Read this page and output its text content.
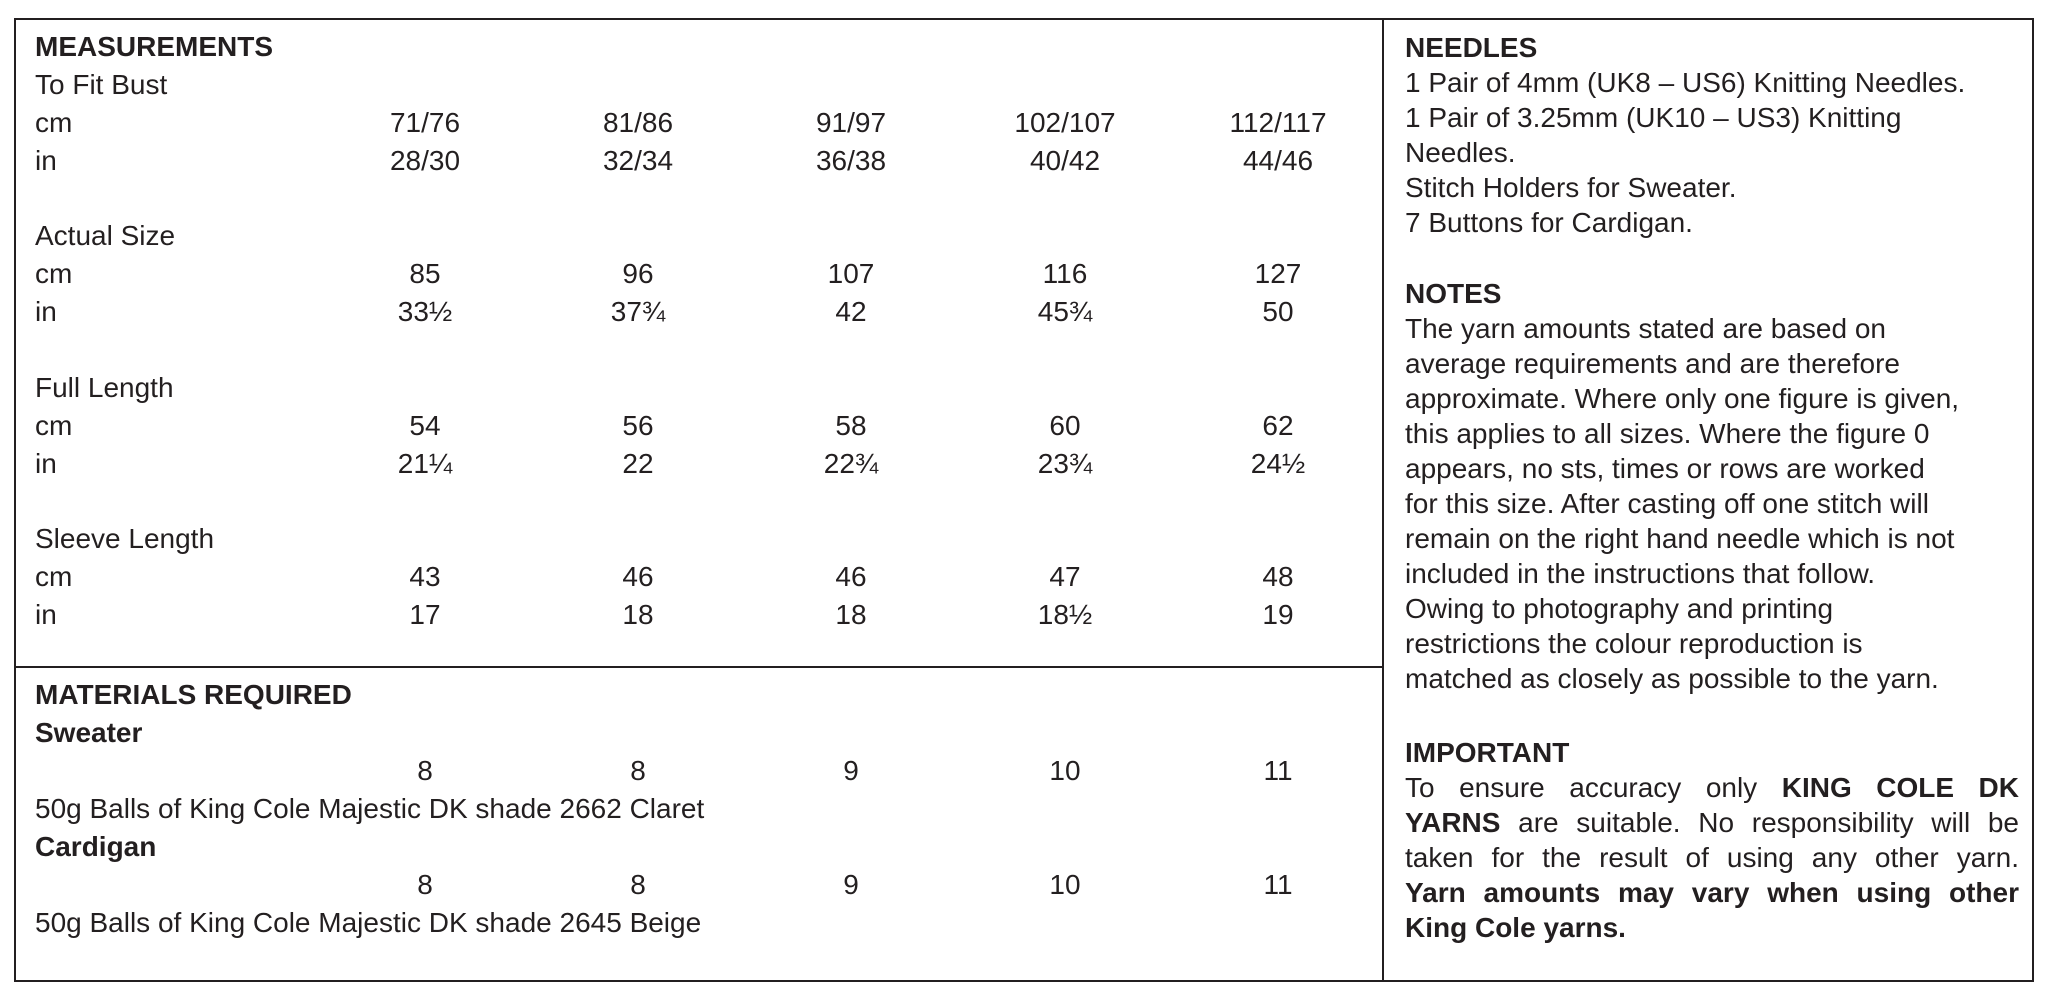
MEASUREMENTS
To Fit Bust
cm	71/76	81/86	91/97	102/107	112/117
in	28/30	32/34	36/38	40/42	44/46
Actual Size
cm	85	96	107	116	127
in	33½	37¾	42	45¾	50
Full Length
cm	54	56	58	60	62
in	21¼	22	22¾	23¾	24½
Sleeve Length
cm	43	46	46	47	48
in	17	18	18	18½	19
MATERIALS REQUIRED
Sweater
8	8	9	10	11
50g Balls of King Cole Majestic DK shade 2662 Claret
Cardigan
8	8	9	10	11
50g Balls of King Cole Majestic DK shade 2645 Beige
NEEDLES
1 Pair of 4mm (UK8 – US6) Knitting Needles.
1 Pair of 3.25mm (UK10 – US3) Knitting
Needles.
Stitch Holders for Sweater.
7 Buttons for Cardigan.
NOTES
The yarn amounts stated are based on
average requirements and are therefore
approximate. Where only one figure is given,
this applies to all sizes. Where the figure 0
appears, no sts, times or rows are worked
for this size. After casting off one stitch will
remain on the right hand needle which is not
included in the instructions that follow.
Owing to photography and printing
restrictions the colour reproduction is
matched as closely as possible to the yarn.
IMPORTANT
To ensure accuracy only KING COLE DK
YARNS are suitable. No responsibility will be
taken for the result of using any other yarn.
Yarn amounts may vary when using other
King Cole yarns.
